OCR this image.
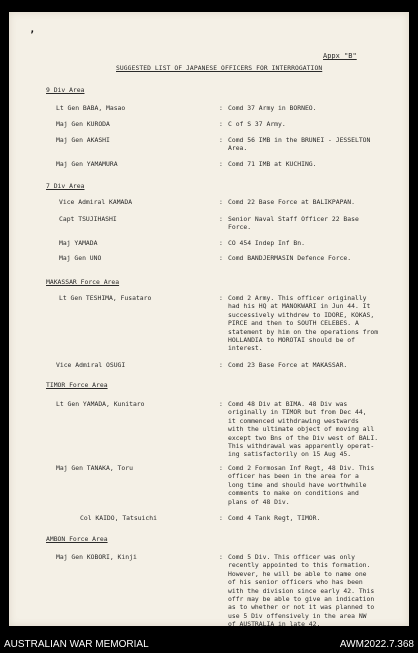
ʼ
Appx "B"
SUGGESTED LIST OF JAPANESE OFFICERS FOR INTERROGATION
9 Div Area
Lt Gen BABA, Masao	: Comd 37 Army in BORNEO.
Maj Gen KURODA	: C of S 37 Army.
Maj Gen AKASHI	: Comd 56 IMB in the BRUNEI - JESSELTON
Area.
Maj Gen YAMAMURA	: Comd 71 IMB at KUCHING.
7 Div Area
Vice Admiral KAMADA	: Comd 22 Base Force at BALIKPAPAN.
Capt TSUJIHASHI	: Senior Naval Staff Officer 22 Base
Force.
Maj YAMADA	: CO 454 Indep Inf Bn.
Maj Gen UNO	: Comd BANDJERMASIN Defence Force.
MAKASSAR Force Area
Lt Gen TESHIMA, Fusataro	: Comd 2 Army. This officer originally
had his HQ at MANOKWARI in Jun 44. It
successively withdrew to IDORE, KOKAS,
PIRCE and then to SOUTH CELEBES. A
statement by him on the operations from
HOLLANDIA to MOROTAI should be of
interest.
Vice Admiral OSUGI	: Comd 23 Base Force at MAKASSAR.
TIMOR Force Area
Lt Gen YAMADA, Kunitaro	: Comd 48 Div at BIMA. 48 Div was
originally in TIMOR but from Dec 44,
it commenced withdrawing westwards
with the ultimate object of moving all
except two Bns of the Div west of BALI.
This withdrawal was apparently operat-
ing satisfactorily on 15 Aug 45.
Maj Gen TANAKA, Toru	: Comd 2 Formosan Inf Regt, 48 Div. This
officer has been in the area for a
long time and should have worthwhile
comments to make on conditions and
plans of 48 Div.
Col KAIDO, Tatsuichi	: Comd 4 Tank Regt, TIMOR.
AMBON Force Area
Maj Gen KOBORI, Kinji	: Comd 5 Div. This officer was only
recently appointed to this formation.
However, he will be able to name one
of his senior officers who has been
with the division since early 42. This
offr may be able to give an indication
as to whether or not it was planned to
use 5 Div offensively in the area NW
of AUSTRALIA in late 42.
AUSTRALIAN WAR MEMORIAL	AWM2022.7.368
